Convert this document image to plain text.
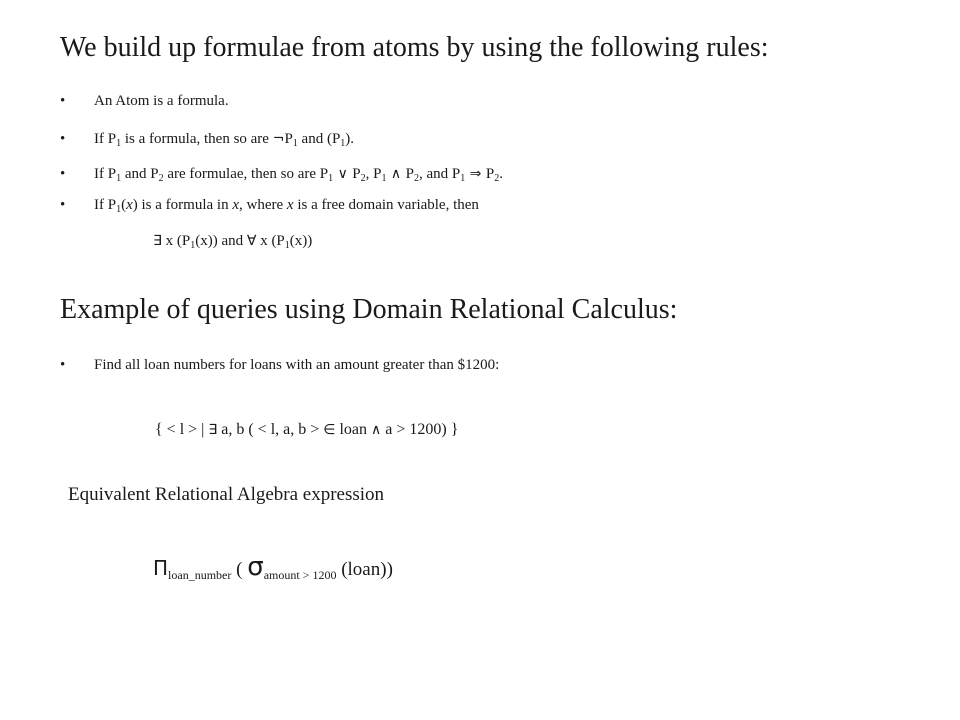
We build up formulae from atoms by using the following rules:
• An Atom is a formula.
• If $P_1$ is a formula, then so are $\neg P_1$ and $(P_1)$.
• If $P_1$ and $P_2$ are formulae, then so are $P_1$ ∨ $P_2$, $P_1$ ∧ $P_2$, and $P_1$ ⇒ $P_2$.
• If $P_1(x)$ is a formula in x, where x is a free domain variable, then
∃ x $(P_1(x))$ and ∀ x $(P_1(x))$
Example of queries using Domain Relational Calculus:
• Find all loan numbers for loans with an amount greater than $1200:
{ < l > | ∃ a, b ( < l, a, b > ∈ loan ∧ a > 1200) }
Equivalent Relational Algebra expression
$\Pi_{loan\_number}$ ( $\sigma_{amount > 1200}$ (loan))
